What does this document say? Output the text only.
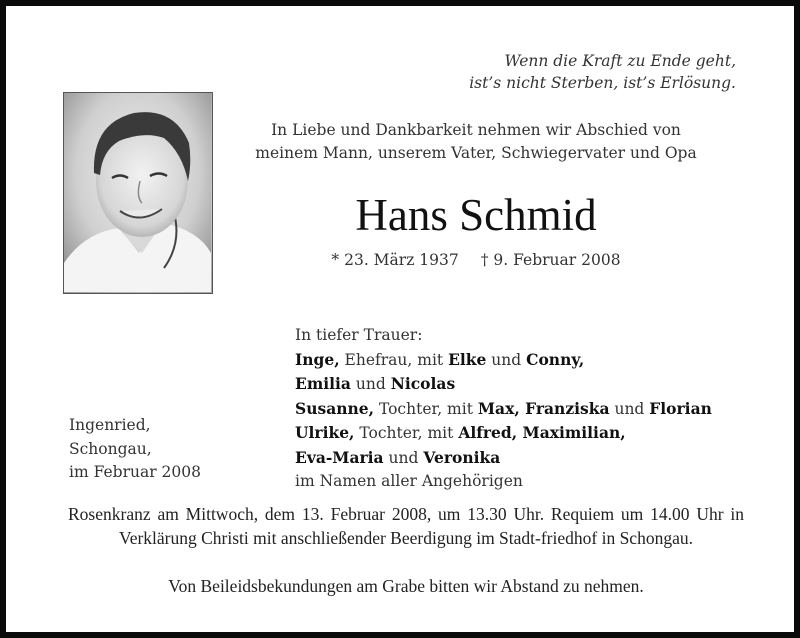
Wenn die Kraft zu Ende geht,
ist’s nicht Sterben, ist’s Erlösung.
In Liebe und Dankbarkeit nehmen wir Abschied von
meinem Mann, unserem Vater, Schwiegervater und Opa
Hans Schmid
* 23. März 1937 † 9. Februar 2008
In tiefer Trauer:
Inge, Ehefrau, mit Elke und Conny,
Emilia und Nicolas
Susanne, Tochter, mit Max, Franziska und Florian
Ulrike, Tochter, mit Alfred, Maximilian,
Eva-Maria und Veronika
im Namen aller Angehörigen
Ingenried,
Schongau,
im Februar 2008
Rosenkranz am Mittwoch, dem 13. Februar 2008, um 13.30 Uhr. Requiem um 14.00 Uhr in Verklärung Christi mit anschließender Beerdigung im Stadt-friedhof in Schongau.
Von Beileidsbekundungen am Grabe bitten wir Abstand zu nehmen.
